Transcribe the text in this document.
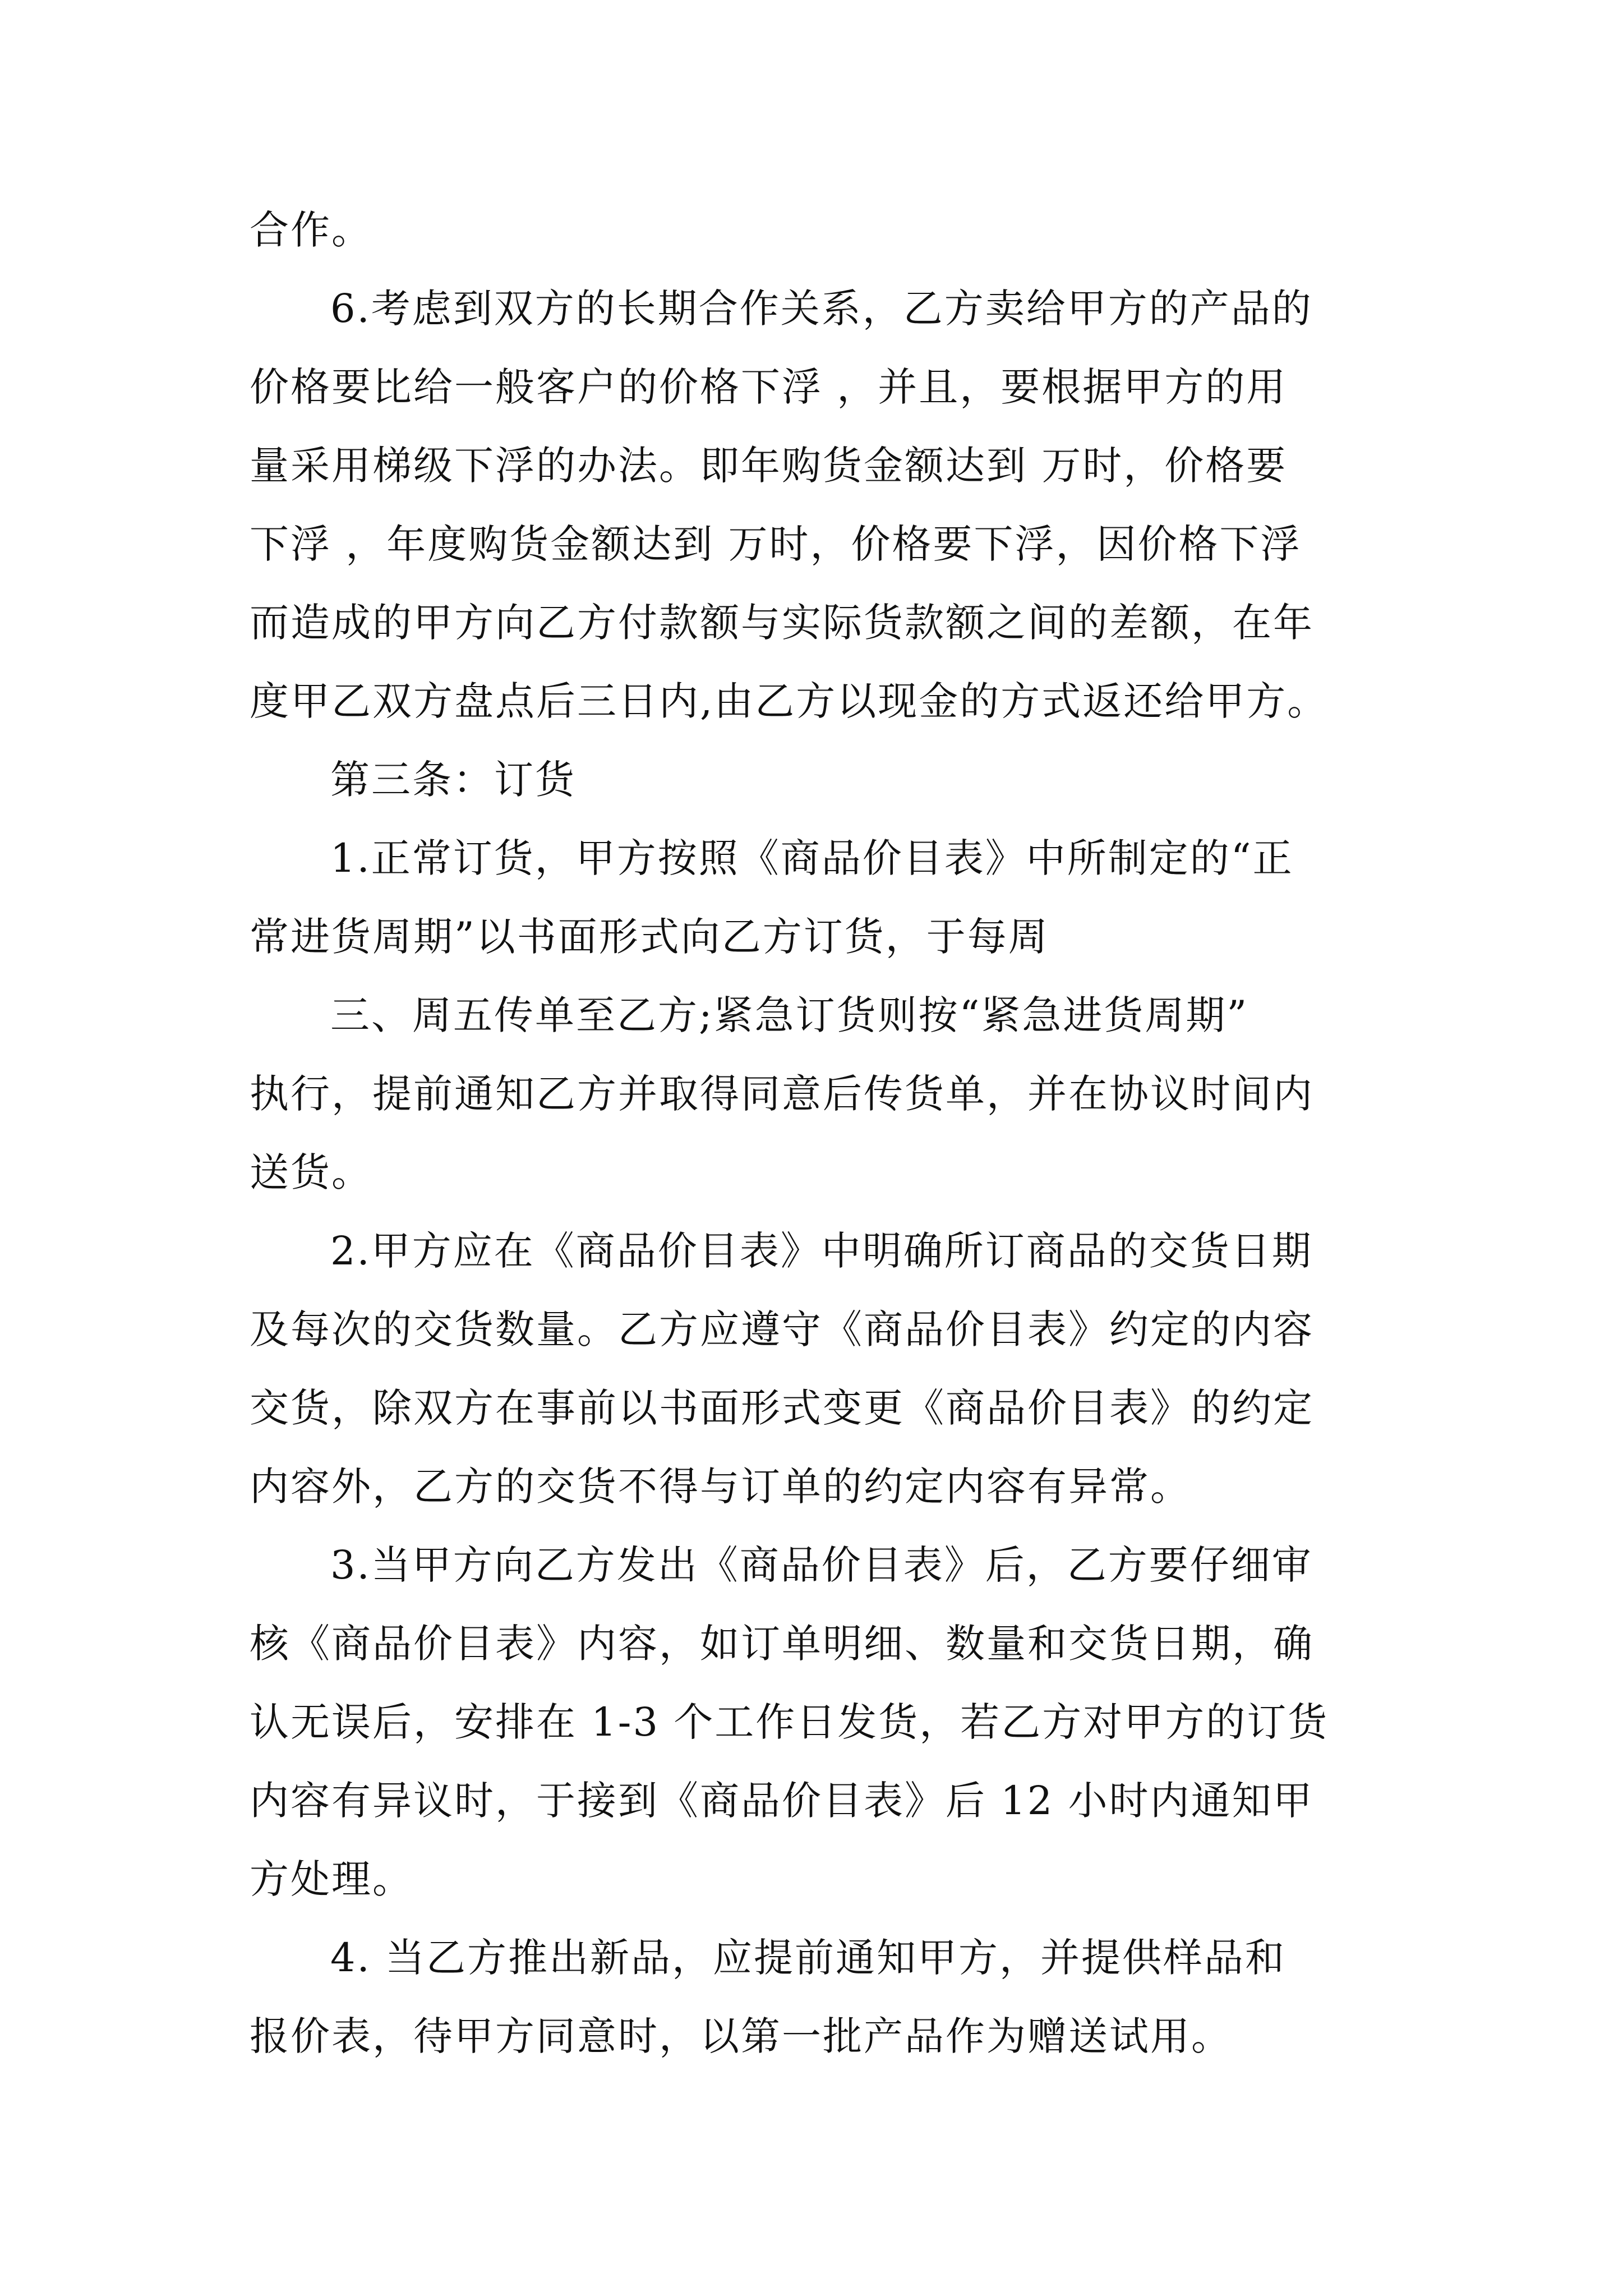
合作。
6.考虑到双方的长期合作关系，乙方卖给甲方的产品的
价格要比给一般客户的价格下浮 ，并且，要根据甲方的用
量采用梯级下浮的办法。即年购货金额达到 万时，价格要
下浮 ，年度购货金额达到 万时，价格要下浮，因价格下浮
而造成的甲方向乙方付款额与实际货款额之间的差额，在年
度甲乙双方盘点后三日内,由乙方以现金的方式返还给甲方。
第三条：订货
1.正常订货，甲方按照《商品价目表》中所制定的“正
常进货周期”以书面形式向乙方订货，于每周
三、周五传单至乙方;紧急订货则按“紧急进货周期”
执行，提前通知乙方并取得同意后传货单，并在协议时间内
送货。
2.甲方应在《商品价目表》中明确所订商品的交货日期
及每次的交货数量。乙方应遵守《商品价目表》约定的内容
交货，除双方在事前以书面形式变更《商品价目表》的约定
内容外，乙方的交货不得与订单的约定内容有异常。
3.当甲方向乙方发出《商品价目表》后，乙方要仔细审
核《商品价目表》内容，如订单明细、数量和交货日期，确
认无误后，安排在 1-3 个工作日发货，若乙方对甲方的订货
内容有异议时，于接到《商品价目表》后 12 小时内通知甲
方处理。
4. 当乙方推出新品，应提前通知甲方，并提供样品和
报价表，待甲方同意时，以第一批产品作为赠送试用。
